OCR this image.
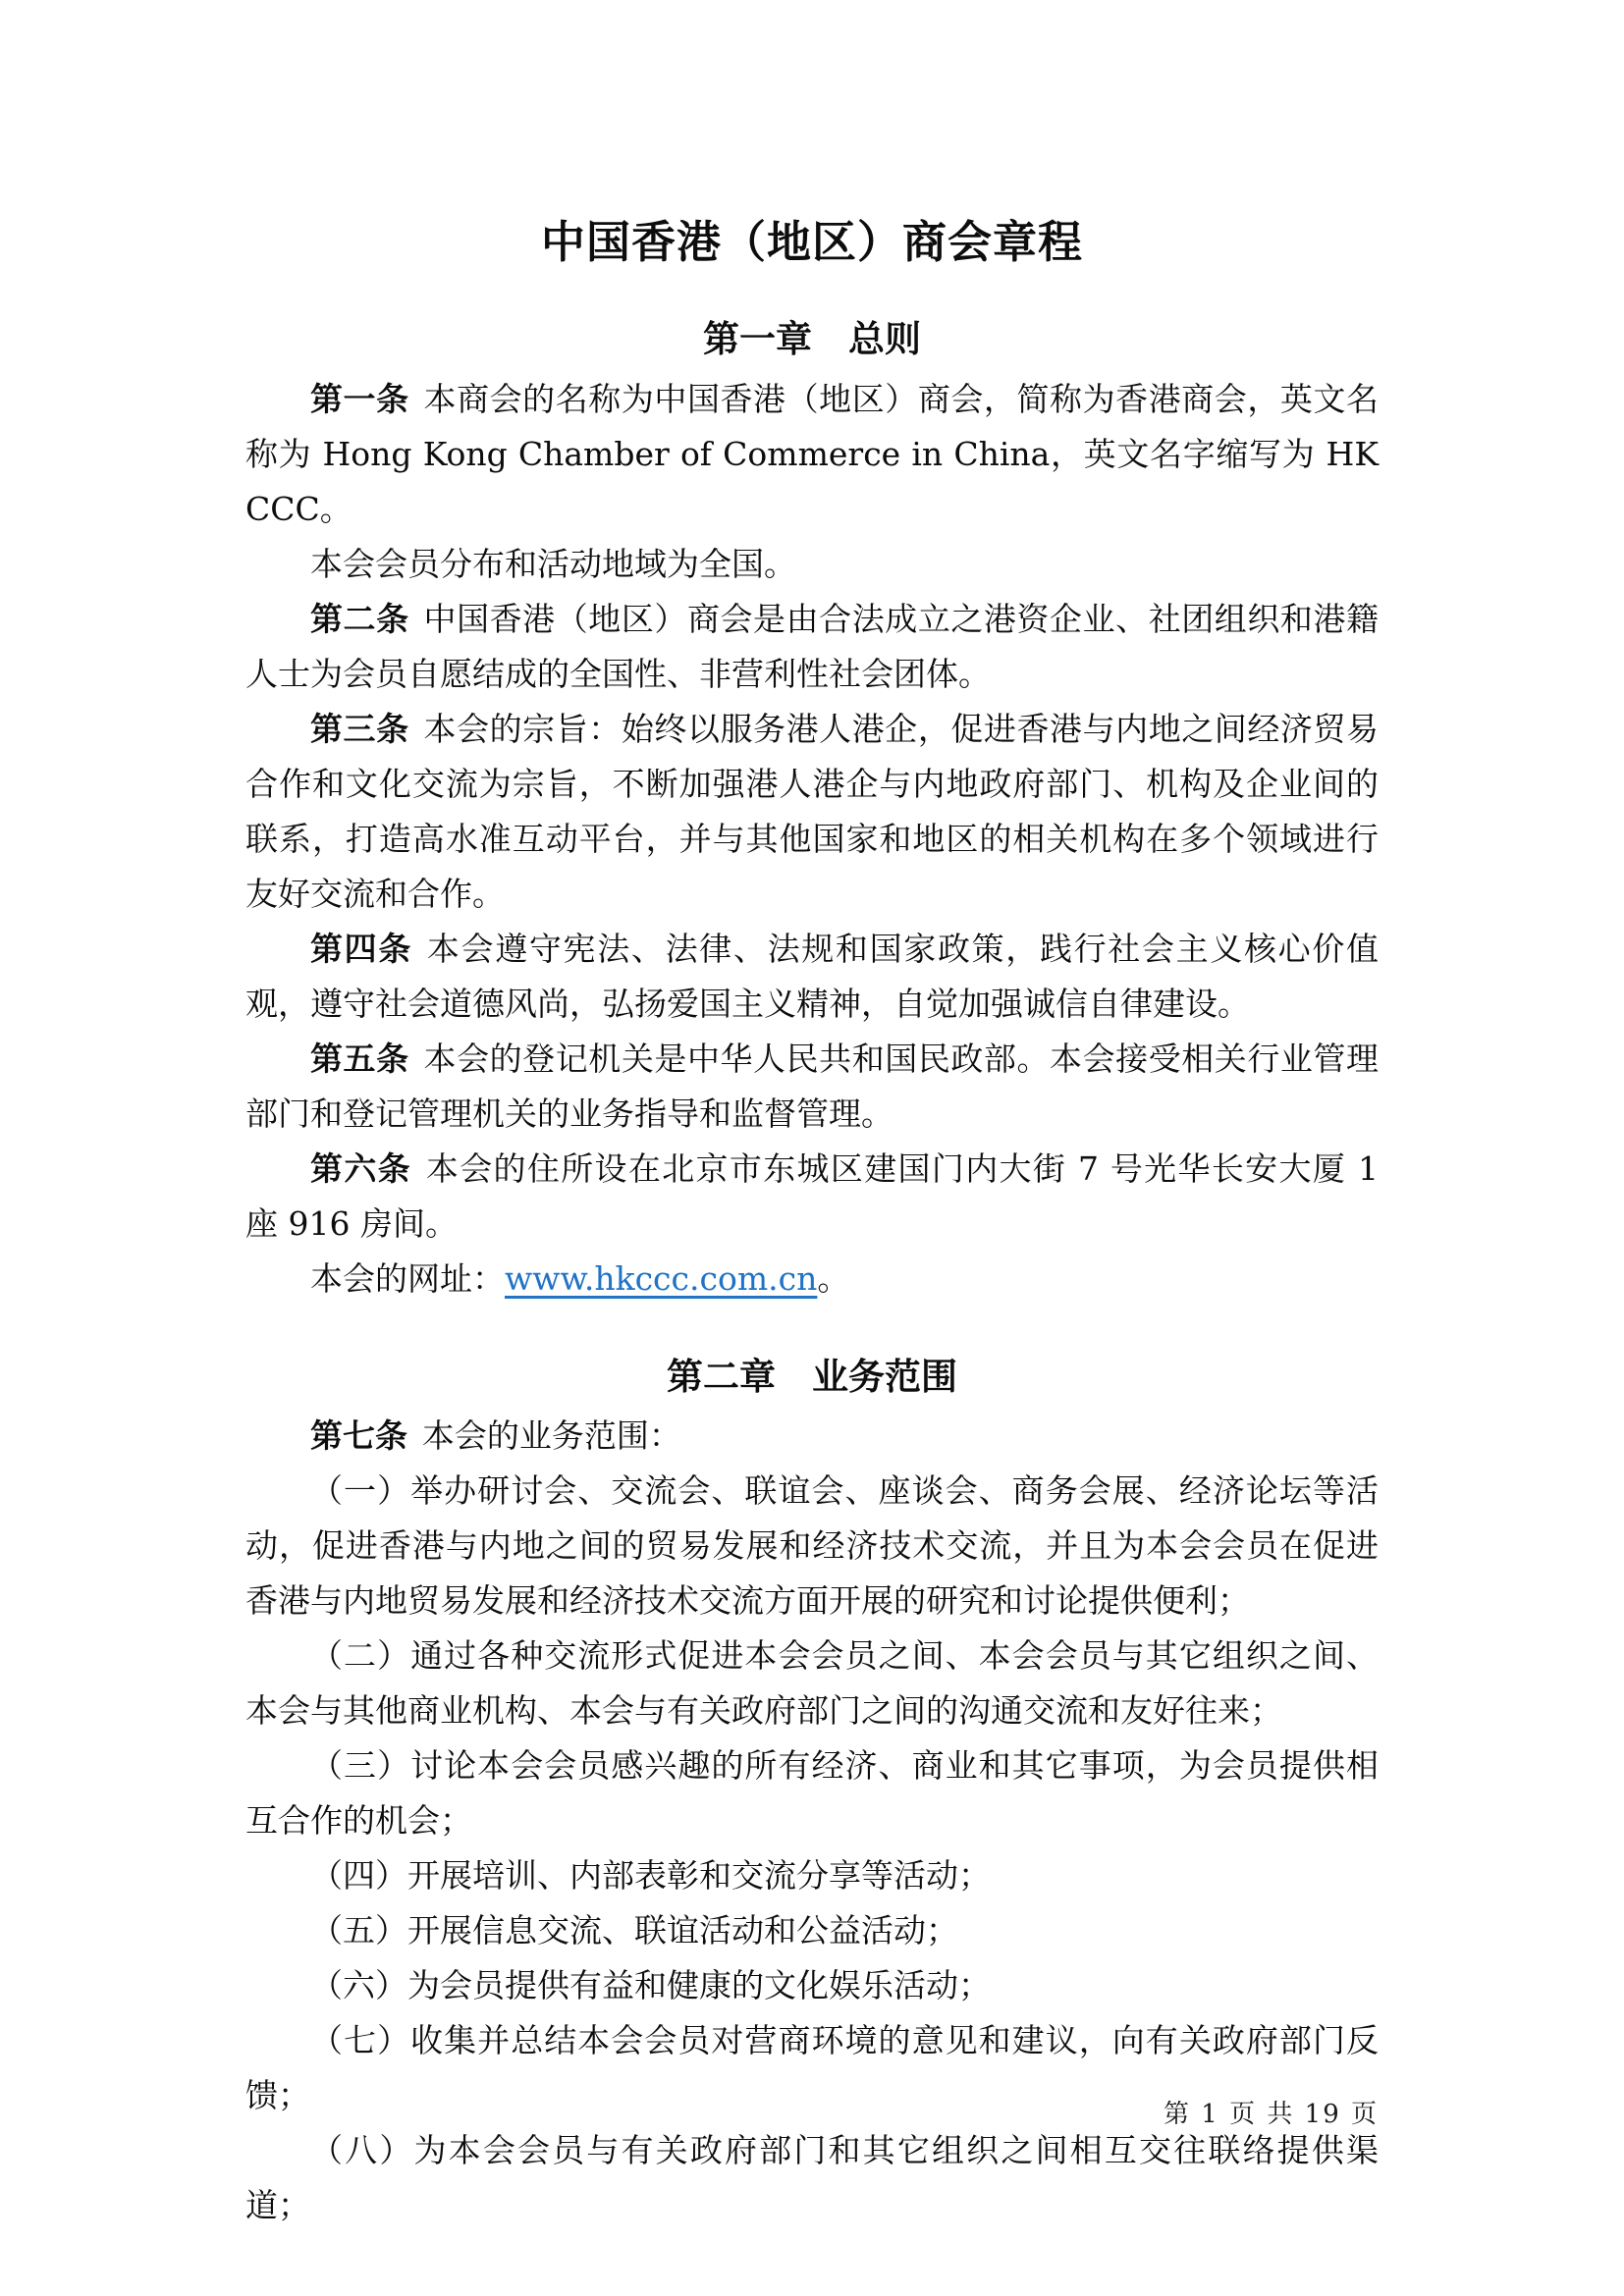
中国香港（地区）商会章程
第一章　总则

第一条 本商会的名称为中国香港（地区）商会，简称为香港商会，英文名称为 Hong Kong Chamber of Commerce in China，英文名字缩写为 HKCCC。

本会会员分布和活动地域为全国。

第二条 中国香港（地区）商会是由合法成立之港资企业、社团组织和港籍人士为会员自愿结成的全国性、非营利性社会团体。

第三条 本会的宗旨：始终以服务港人港企，促进香港与内地之间经济贸易合作和文化交流为宗旨，不断加强港人港企与内地政府部门、机构及企业间的联系，打造高水准互动平台，并与其他国家和地区的相关机构在多个领域进行友好交流和合作。

第四条 本会遵守宪法、法律、法规和国家政策，践行社会主义核心价值观，遵守社会道德风尚，弘扬爱国主义精神，自觉加强诚信自律建设。

第五条 本会的登记机关是中华人民共和国民政部。本会接受相关行业管理部门和登记管理机关的业务指导和监督管理。

第六条 本会的住所设在北京市东城区建国门内大街 7 号光华长安大厦 1 座 916 房间。

本会的网址：www.hkccc.com.cn。

第二章　业务范围

第七条 本会的业务范围：

（一）举办研讨会、交流会、联谊会、座谈会、商务会展、经济论坛等活动，促进香港与内地之间的贸易发展和经济技术交流，并且为本会会员在促进香港与内地贸易发展和经济技术交流方面开展的研究和讨论提供便利；

（二）通过各种交流形式促进本会会员之间、本会会员与其它组织之间、本会与其他商业机构、本会与有关政府部门之间的沟通交流和友好往来；

（三）讨论本会会员感兴趣的所有经济、商业和其它事项，为会员提供相互合作的机会；

（四）开展培训、内部表彰和交流分享等活动；

（五）开展信息交流、联谊活动和公益活动；

（六）为会员提供有益和健康的文化娱乐活动；

（七）收集并总结本会会员对营商环境的意见和建议，向有关政府部门反馈；

（八）为本会会员与有关政府部门和其它组织之间相互交往联络提供渠道；

第 1 页 共 19 页
